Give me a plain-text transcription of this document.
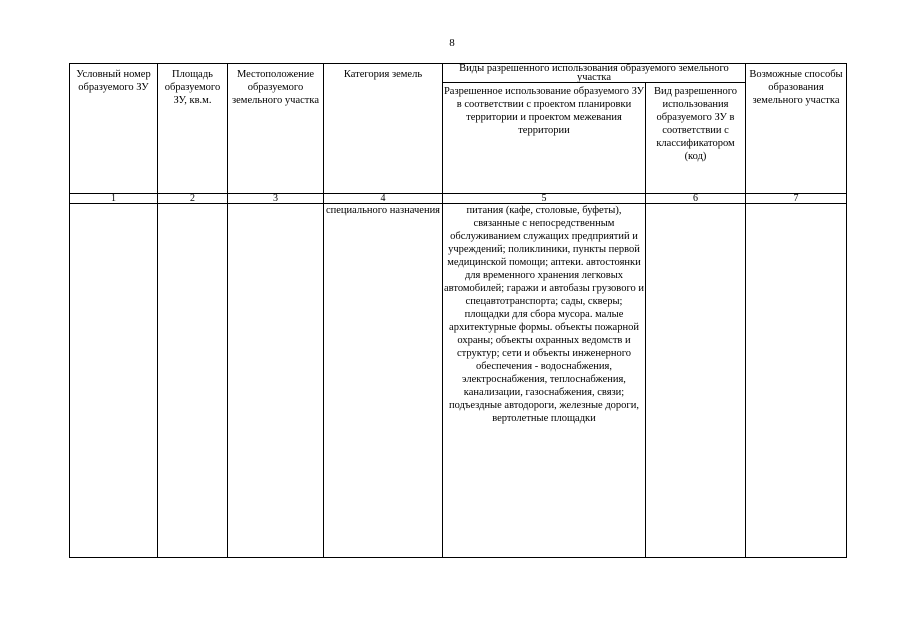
8
Условный номер образуемого ЗУ	Площадь образуемого ЗУ, кв.м.	Местоположение образуемого земельного участка	Категория земель	Виды разрешенного использования образуемого земельного участка		Возможные способы образования земельного участка
				Разрешенное использование образуемого ЗУ в соответствии с проектом планировки территории и проектом межевания территории	Вид разрешенного использования образуемого ЗУ в соответствии с классификатором (код)	
1	2	3	4	5	6	7
			специального назначения	питания (кафе, столовые, буфеты), связанные с непосредственным обслуживанием служащих предприятий и учреждений; поликлиники, пункты первой медицинской помощи; аптеки. автостоянки для временного хранения легковых автомобилей; гаражи и автобазы грузового и спецавтотранспорта; сады, скверы; площадки для сбора мусора. малые архитектурные формы. объекты пожарной охраны; объекты охранных ведомств и структур; сети и объекты инженерного обеспечения - водоснабжения, электроснабжения, теплоснабжения, канализации, газоснабжения, связи; подъездные автодороги, железные дороги, вертолетные площадки		
